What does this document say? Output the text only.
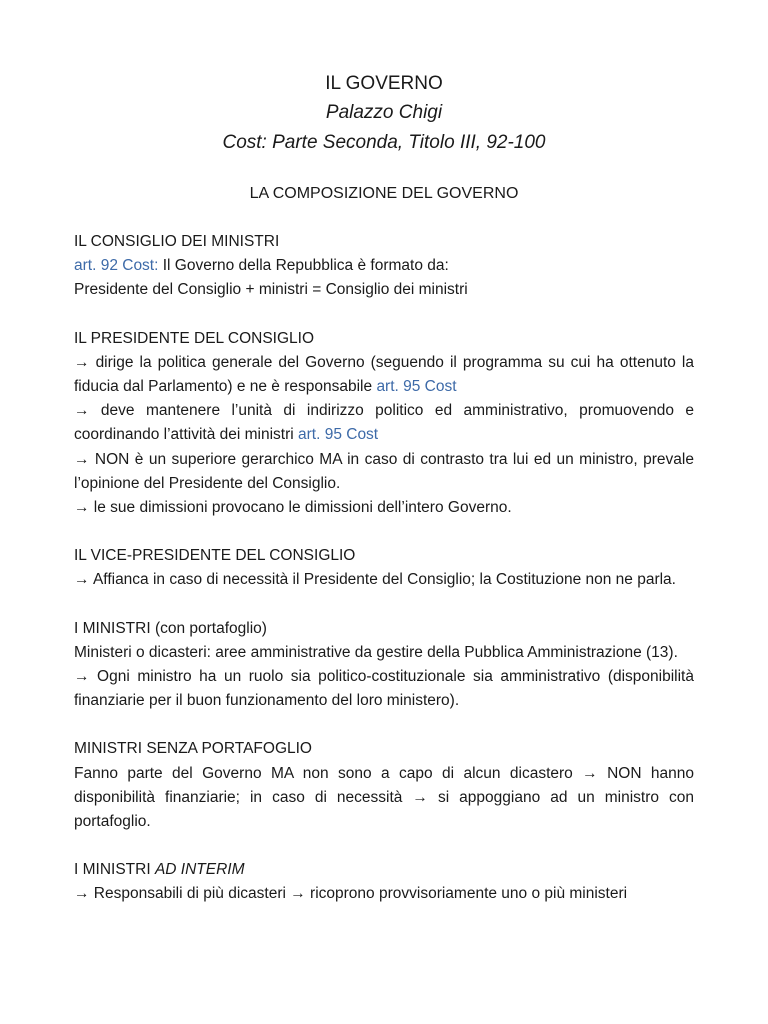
IL GOVERNO

Palazzo Chigi

Cost: Parte Seconda, Titolo III, 92-100

LA COMPOSIZIONE DEL GOVERNO

IL CONSIGLIO DEI MINISTRI

art. 92 Cost: Il Governo della Repubblica è formato da:

Presidente del Consiglio + ministri = Consiglio dei ministri

IL PRESIDENTE DEL CONSIGLIO

→ dirige la politica generale del Governo (seguendo il programma su cui ha ottenuto la fiducia dal Parlamento) e ne è responsabile art. 95 Cost

→ deve mantenere l’unità di indirizzo politico ed amministrativo, promuovendo e coordinando l’attività dei ministri art. 95 Cost

→ NON è un superiore gerarchico MA in caso di contrasto tra lui ed un ministro, prevale l’opinione del Presidente del Consiglio.

→ le sue dimissioni provocano le dimissioni dell’intero Governo.

IL VICE-PRESIDENTE DEL CONSIGLIO

→ Affianca in caso di necessità il Presidente del Consiglio; la Costituzione non ne parla.

I MINISTRI (con portafoglio)

Ministeri o dicasteri: aree amministrative da gestire della Pubblica Amministrazione (13).

→ Ogni ministro ha un ruolo sia politico-costituzionale sia amministrativo (disponibilità finanziarie per il buon funzionamento del loro ministero).

MINISTRI SENZA PORTAFOGLIO

Fanno parte del Governo MA non sono a capo di alcun dicastero → NON hanno disponibilità finanziarie; in caso di necessità → si appoggiano ad un ministro con portafoglio.

I MINISTRI AD INTERIM

→ Responsabili di più dicasteri → ricoprono provvisoriamente uno o più ministeri
